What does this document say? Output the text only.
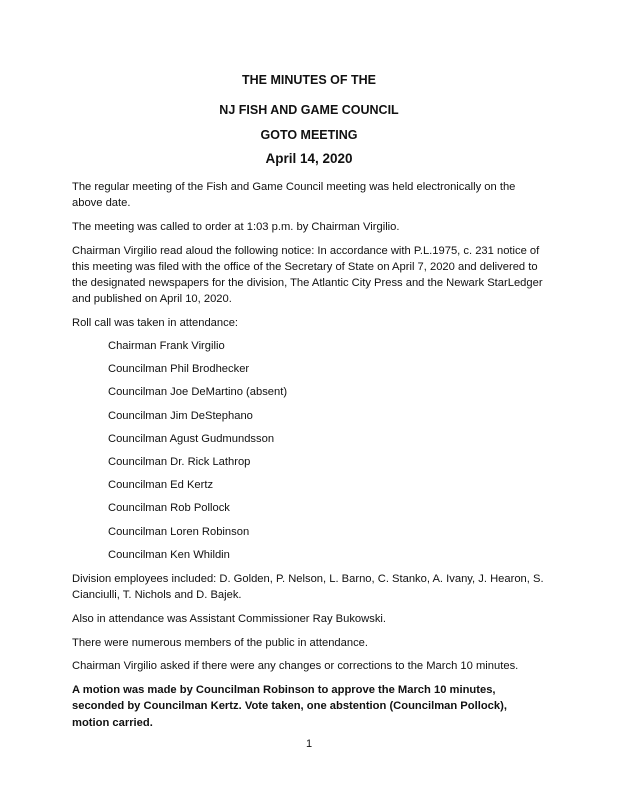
THE MINUTES OF THE
NJ FISH AND GAME COUNCIL
GOTO MEETING
April 14, 2020

The regular meeting of the Fish and Game Council meeting was held electronically on the above date.

The meeting was called to order at 1:03 p.m. by Chairman Virgilio.

Chairman Virgilio read aloud the following notice: In accordance with P.L.1975, c. 231 notice of this meeting was filed with the office of the Secretary of State on April 7, 2020 and delivered to the designated newspapers for the division, The Atlantic City Press and the Newark StarLedger and published on April 10, 2020.

Roll call was taken in attendance:

Chairman Frank Virgilio
Councilman Phil Brodhecker
Councilman Joe DeMartino (absent)
Councilman Jim DeStephano
Councilman Agust Gudmundsson
Councilman Dr. Rick Lathrop
Councilman Ed Kertz
Councilman Rob Pollock
Councilman Loren Robinson
Councilman Ken Whildin

Division employees included: D. Golden, P. Nelson, L. Barno, C. Stanko, A. Ivany, J. Hearon, S. Cianciulli, T. Nichols and D. Bajek.

Also in attendance was Assistant Commissioner Ray Bukowski.

There were numerous members of the public in attendance.

Chairman Virgilio asked if there were any changes or corrections to the March 10 minutes.

A motion was made by Councilman Robinson to approve the March 10 minutes, seconded by Councilman Kertz. Vote taken, one abstention (Councilman Pollock), motion carried.

1
